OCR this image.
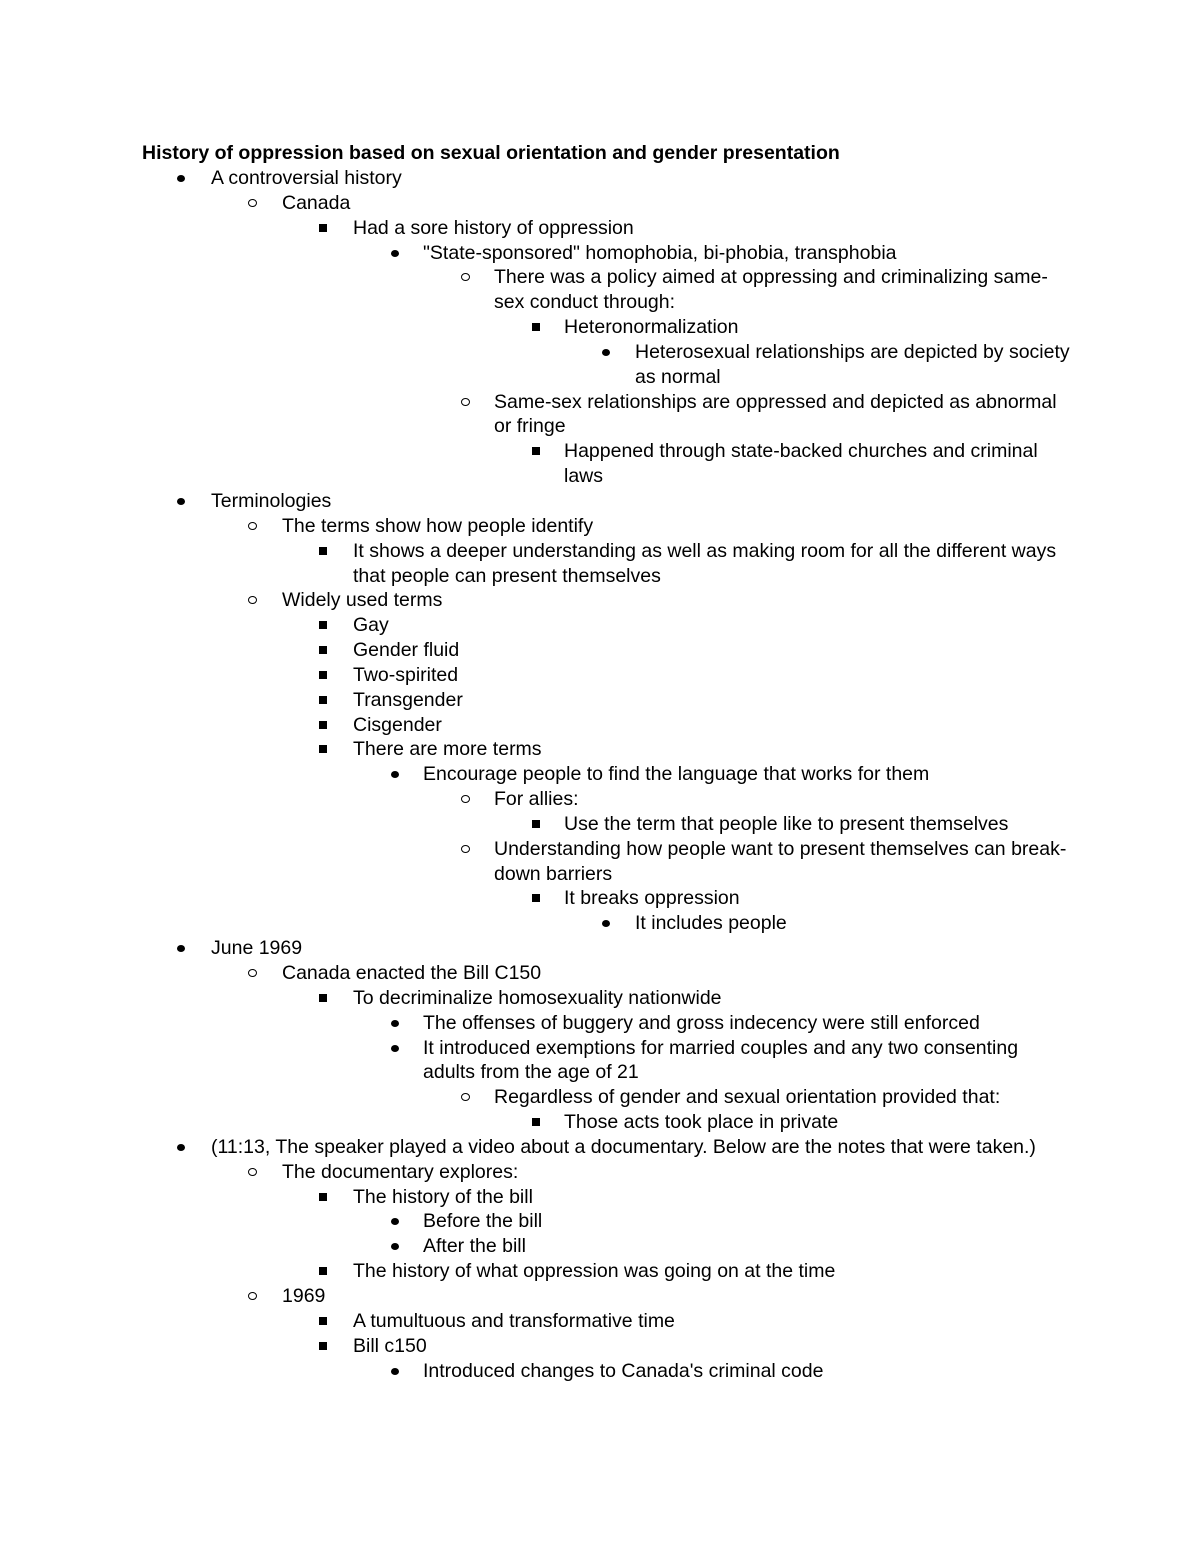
History of oppression based on sexual orientation and gender presentation
A controversial history
Canada
Had a sore history of oppression
"State-sponsored" homophobia, bi-phobia, transphobia
There was a policy aimed at oppressing and criminalizing same-sex conduct through:
Heteronormalization
Heterosexual relationships are depicted by society as normal
Same-sex relationships are oppressed and depicted as abnormal or fringe
Happened through state-backed churches and criminal laws
Terminologies
The terms show how people identify
It shows a deeper understanding as well as making room for all the different ways that people can present themselves
Widely used terms
Gay
Gender fluid
Two-spirited
Transgender
Cisgender
There are more terms
Encourage people to find the language that works for them
For allies:
Use the term that people like to present themselves
Understanding how people want to present themselves can break-down barriers
It breaks oppression
It includes people
June 1969
Canada enacted the Bill C150
To decriminalize homosexuality nationwide
The offenses of buggery and gross indecency were still enforced
It introduced exemptions for married couples and any two consenting adults from the age of 21
Regardless of gender and sexual orientation provided that:
Those acts took place in private
(11:13, The speaker played a video about a documentary. Below are the notes that were taken.)
The documentary explores:
The history of the bill
Before the bill
After the bill
The history of what oppression was going on at the time
1969
A tumultuous and transformative time
Bill c150
Introduced changes to Canada's criminal code
